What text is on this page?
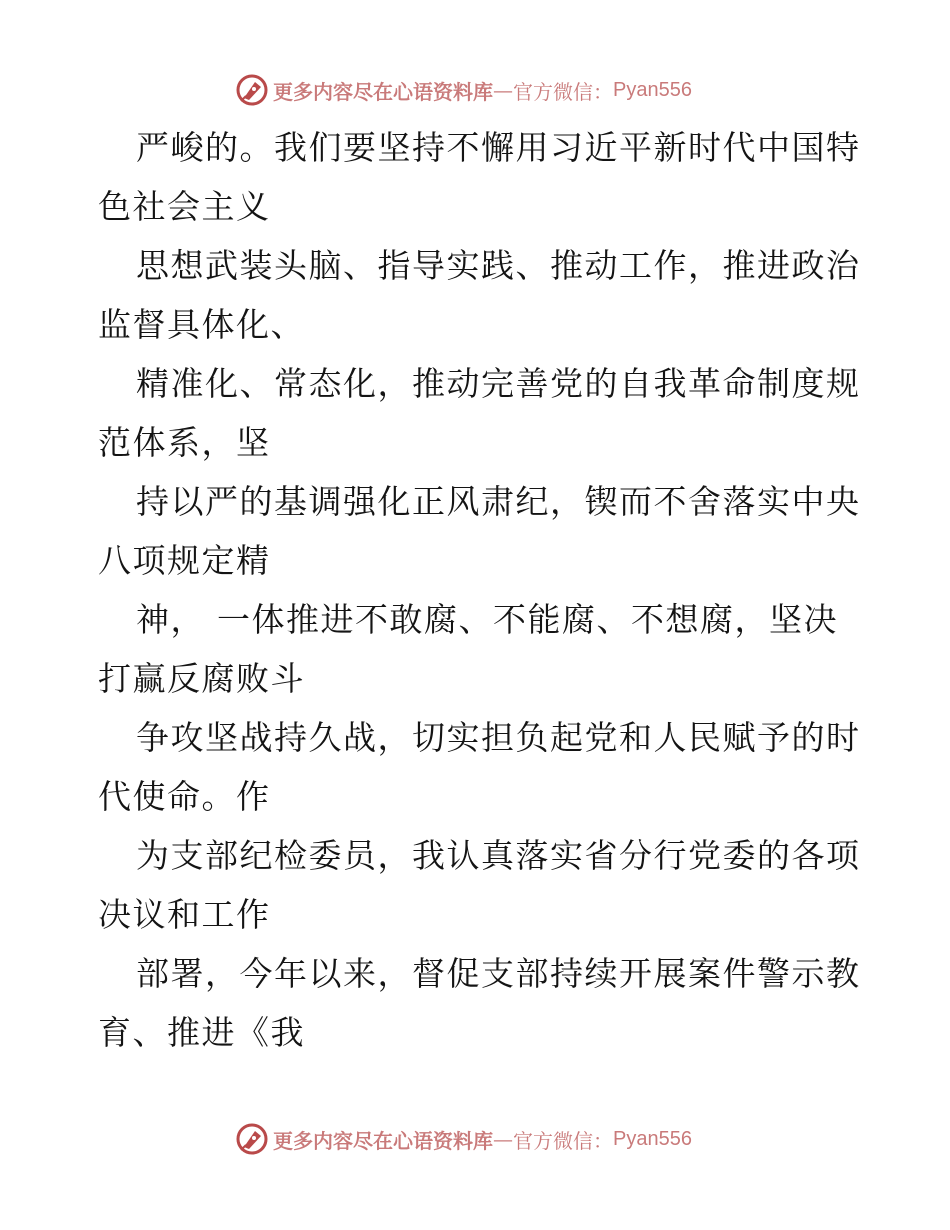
更多内容尽在心语资料库 — 官方微信： Pyan556
严峻的。我们要坚持不懈用习近平新时代中国特
色社会主义
思想武装头脑、指导实践、推动工作，推进政治
监督具体化、
精准化、常态化，推动完善党的自我革命制度规
范体系，坚
持以严的基调强化正风肃纪，锲而不舍落实中央
八项规定精
神， 一体推进不敢腐、不能腐、不想腐，坚决
打赢反腐败斗
争攻坚战持久战，切实担负起党和人民赋予的时
代使命。作
为支部纪检委员，我认真落实省分行党委的各项
决议和工作
部署，今年以来，督促支部持续开展案件警示教
育、推进《我
更多内容尽在心语资料库 — 官方微信： Pyan556
